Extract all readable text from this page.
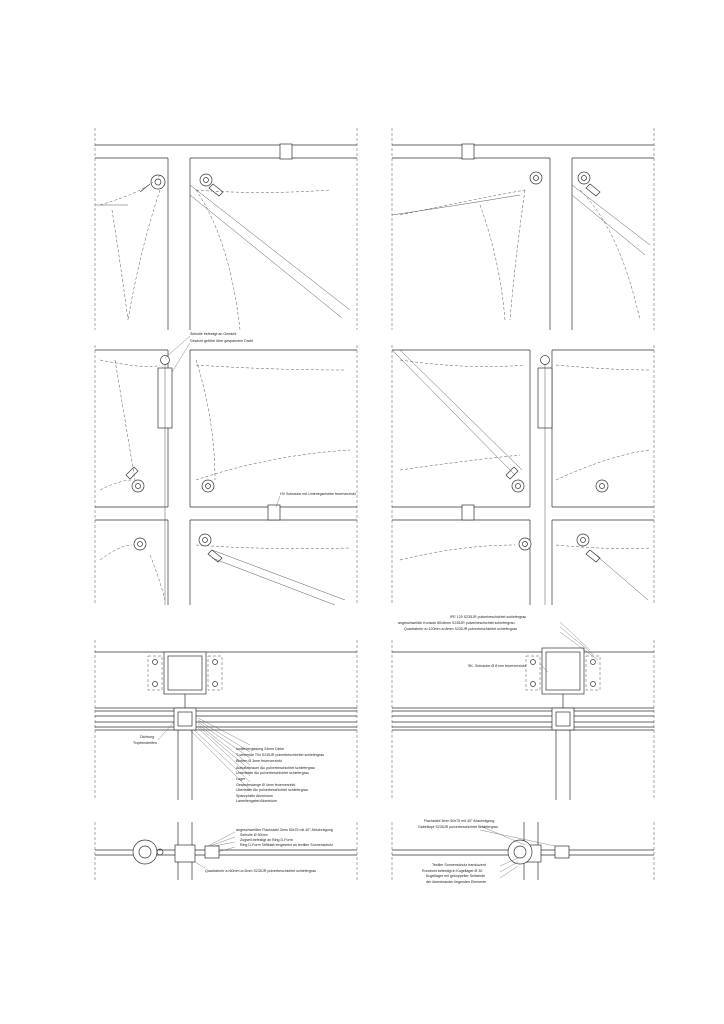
Seilrolle befestigt an Gewicht
Gewicht geführt über gespannten Draht
HV Schraube mit Unterlegscheibe feuerverzinkt
IPE 120 S235JR pulverbeschichtet schiefergrau
angeschweißte Konsole 80x8mm S235JR pulverbeschichtet schiefergrau
Quadratrohr a=120mm a=8mm S235JR pulverbeschichtet schiefergrau
SK- Schraube Ø 8 mm feuerverzinkt
Dichtung
Tropfenstreifen
Isolierverglasung 24mm Dicke
T-stehende TIN S235JR pulverbeschichtet schiefergrau
Bintern Ø 3mm feuerverzinkt
Aufsatzbeauer Alu pulverbeschichtet schiefergrau
Unterleiste Alu pulverbeschichtet schiefergrau
Lager
Gewindestange Ø 4mm feuerverzinkt
Überleiste Alu pulverbeschichtet schiefergrau
Spannplatte Aluminium
Lamellengabel Aluminium
angeschweißter Flachstahl 3mm 50x75 mit 40° Abschrägung
Seilrolle Ø 90mm
Zugseil befestigt an Ring D-Form
Ring D-Form Stiftblatt eingesetzt an textilen Sonnenschutz
Quadratrohr a=60mm a=3mm S235JR pulverbeschichtet schiefergrau
Flachstahl 3mm 50x75 mit 40° Abschrägung
Gabelkopf S235JR pulverbeschichtet schiefergrau
Textiler Sonnenschutz transluzent
Rundrohr befestigt in Kugellager Ø 30
Kugellager mit gekoppelter Seilwinde
der übereinander liegenden Elemente
